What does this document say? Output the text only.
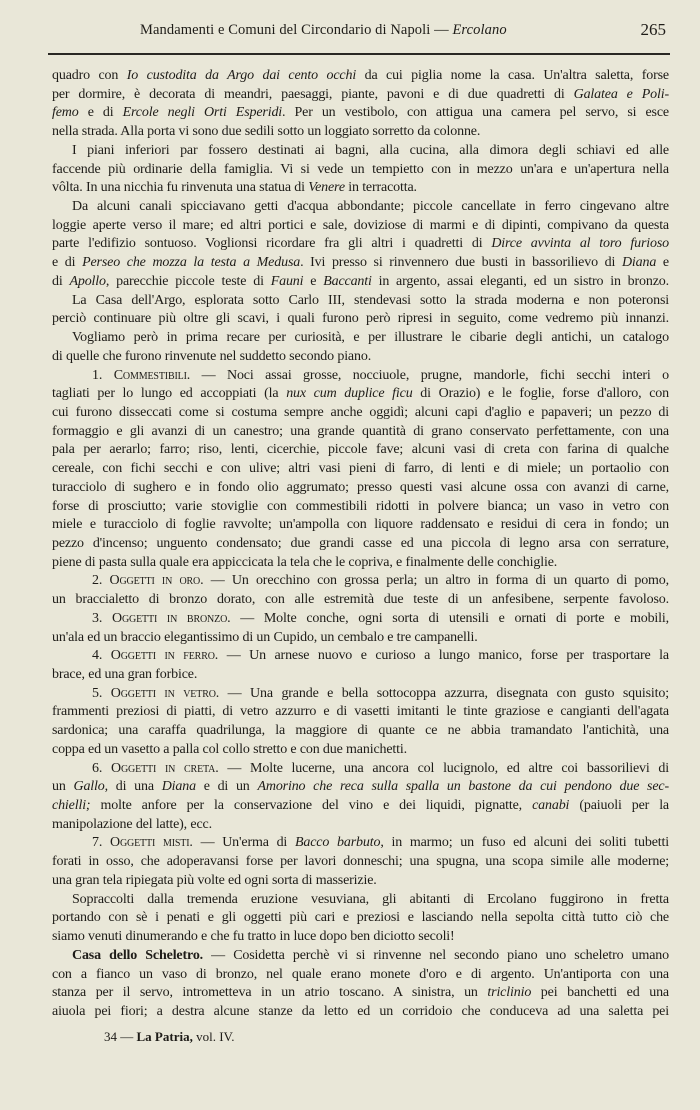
Mandamenti e Comuni del Circondario di Napoli — Ercolano	265
quadro con Io custodita da Argo dai cento occhi da cui piglia nome la casa. Un'altra saletta, forse
per dormire, è decorata di meandri, paesaggi, piante, pavoni e di due quadretti di Galatea e Poli-
femo e di Ercole negli Orti Esperidi. Per un vestibolo, con attigua una camera pel servo, si esce
nella strada. Alla porta vi sono due sedili sotto un loggiato sorretto da colonne.
I piani inferiori par fossero destinati ai bagni, alla cucina, alla dimora degli schiavi ed alle
faccende più ordinarie della famiglia. Vi si vede un tempietto con in mezzo un'ara e un'apertura nella
vôlta. In una nicchia fu rinvenuta una statua di Venere in terracotta.
Da alcuni canali spicciavano getti d'acqua abbondante; piccole cancellate in ferro cingevano altre
loggie aperte verso il mare; ed altri portici e sale, doviziose di marmi e di dipinti, compivano da questa
parte l'edifizio sontuoso. Voglionsi ricordare fra gli altri i quadretti di Dirce avvinta al toro furioso
e di Perseo che mozza la testa a Medusa. Ivi presso si rinvennero due busti in bassorilievo di Diana e
di Apollo, parecchie piccole teste di Fauni e Baccanti in argento, assai eleganti, ed un sistro in bronzo.
La Casa dell'Argo, esplorata sotto Carlo III, stendevasi sotto la strada moderna e non poteronsi
perciò continuare più oltre gli scavi, i quali furono però ripresi in seguito, come vedremo più innanzi.
Vogliamo però in prima recare per curiosità, e per illustrare le cibarie degli antichi, un catalogo
di quelle che furono rinvenute nel suddetto secondo piano.
1. Commestibili. — Noci assai grosse, nocciuole, prugne, mandorle, fichi secchi interi o
tagliati per lo lungo ed accoppiati (la nux cum duplice ficu di Orazio) e le foglie, forse d'alloro, con
cui furono disseccati come si costuma sempre anche oggidì; alcuni capi d'aglio e papaveri; un pezzo di
formaggio e gli avanzi di un canestro; una grande quantità di grano conservato perfettamente, con una
pala per aerarlo; farro; riso, lenti, cicerchie, piccole fave; alcuni vasi di creta con farina di qualche
cereale, con fichi secchi e con ulive; altri vasi pieni di farro, di lenti e di miele; un portaolio con
turacciolo di sughero e in fondo olio aggrumato; presso questi vasi alcune ossa con avanzi di carne,
forse di prosciutto; varie stoviglie con commestibili ridotti in polvere bianca; un vaso in vetro con
miele e turacciolo di foglie ravvolte; un'ampolla con liquore raddensato e residui di cera in fondo; un
pezzo d'incenso; unguento condensato; due grandi casse ed una piccola di legno arsa con serrature,
piene di pasta sulla quale era appiccicata la tela che le copriva, e finalmente delle conchiglie.
2. Oggetti in oro. — Un orecchino con grossa perla; un altro in forma di un quarto di pomo,
un braccialetto di bronzo dorato, con alle estremità due teste di un anfesibene, serpente favoloso.
3. Oggetti in bronzo. — Molte conche, ogni sorta di utensili e ornati di porte e mobili,
un'ala ed un braccio elegantissimo di un Cupido, un cembalo e tre campanelli.
4. Oggetti in ferro. — Un arnese nuovo e curioso a lungo manico, forse per trasportare la
brace, ed una gran forbice.
5. Oggetti in vetro. — Una grande e bella sottocoppa azzurra, disegnata con gusto squisito;
frammenti preziosi di piatti, di vetro azzurro e di vasetti imitanti le tinte graziose e cangianti dell'agata
sardonica; una caraffa quadrilunga, la maggiore di quante ce ne abbia tramandato l'antichità, una
coppa ed un vasetto a palla col collo stretto e con due manichetti.
6. Oggetti in creta. — Molte lucerne, una ancora col lucignolo, ed altre coi bassorilievi di
un Gallo, di una Diana e di un Amorino che reca sulla spalla un bastone da cui pendono due sec-
chielli; molte anfore per la conservazione del vino e dei liquidi, pignatte, canabi (paiuoli per la
manipolazione del latte), ecc.
7. Oggetti misti. — Un'erma di Bacco barbuto, in marmo; un fuso ed alcuni dei soliti tubetti
forati in osso, che adoperavansi forse per lavori donneschi; una spugna, una scopa simile alle moderne;
una gran tela ripiegata più volte ed ogni sorta di masserizie.
Sopraccolti dalla tremenda eruzione vesuviana, gli abitanti di Ercolano fuggirono in fretta
portando con sè i penati e gli oggetti più cari e preziosi e lasciando nella sepolta città tutto ciò che
siamo venuti dinumerando e che fu tratto in luce dopo ben diciotto secoli!
Casa dello Scheletro. — Cosidetta perchè vi si rinvenne nel secondo piano uno scheletro umano
con a fianco un vaso di bronzo, nel quale erano monete d'oro e di argento. Un'antiporta con una
stanza per il servo, intrometteva in un atrio toscano. A sinistra, un triclinio pei banchetti ed una
aiuola pei fiori; a destra alcune stanze da letto ed un corridoio che conduceva ad una saletta pei
34 — La Patria, vol. IV.
